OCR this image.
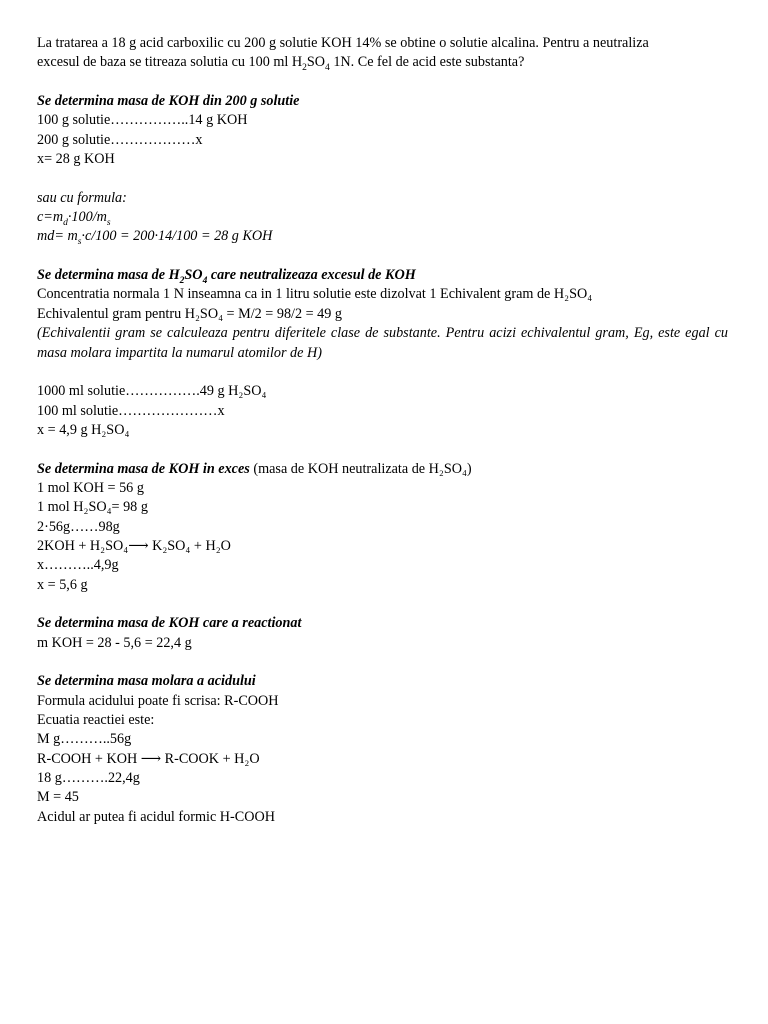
La tratarea a 18 g acid carboxilic cu 200 g solutie KOH 14% se obtine o solutie alcalina. Pentru a neutraliza

excesul de baza se titreaza solutia cu 100 ml $H_2SO_4$ 1N. Ce fel de acid este substanta?

Se determina masa de KOH din 200 g solutie

100 g solutie……………..14 g KOH

200 g solutie………………x

x= 28 g KOH

sau cu formula:

$c=m_d\cdot 100/m_s$

$md= m_s\cdot c/100 = 200\cdot 14/100 = 28$ g KOH

Se determina masa de $H_2SO_4$ care neutralizeaza excesul de KOH

Concentratia normala 1 N inseamna ca in 1 litru solutie este dizolvat 1 Echivalent gram de H₂SO₄

Echivalentul gram pentru H₂SO₄ = M/2 = 98/2 = 49 g

(Echivalentii gram se calculeaza pentru diferitele clase de substante. Pentru acizi echivalentul gram, Eg, este egal cu masa molara impartita la numarul atomilor de H)

1000 ml solutie…………….49 g H₂SO₄

100 ml solutie…………………x

x = 4,9 g H₂SO₄

Se determina masa de KOH in exces (masa de KOH neutralizata de H₂SO₄)

1 mol KOH = 56 g

1 mol H₂SO₄= 98 g

2·56g……98g

2KOH + H₂SO₄⟶ K₂SO₄ + H₂O

x………..4,9g

x = 5,6 g

Se determina masa de KOH care a reactionat

m KOH = 28 - 5,6 = 22,4 g

Se determina masa molara a acidului

Formula acidului poate fi scrisa: R-COOH

Ecuatia reactiei este:

M g………..56g

R-COOH + KOH ⟶ R-COOK + H₂O

18 g……….22,4g

M = 45

Acidul ar putea fi acidul formic H-COOH
